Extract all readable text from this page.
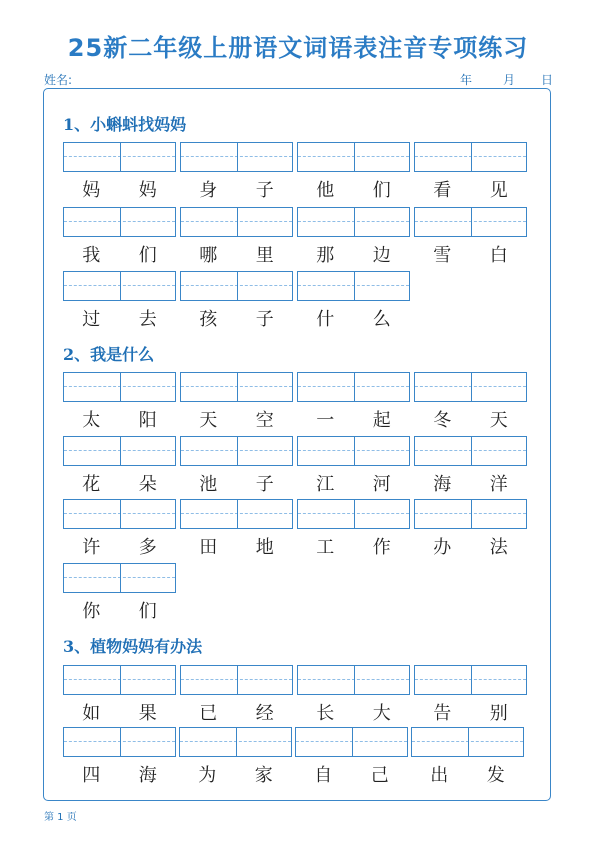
25新二年级上册语文词语表注音专项练习
姓名:	年	月 日
1、小蝌蚪找妈妈
妈	妈	身	子	他	们	看	见
我	们	哪	里	那	边	雪	白
过	去	孩	子	什	么
2、我是什么
太	阳	天	空	一	起	冬	天
花	朵	池	子	江	河	海	洋
许	多	田	地	工	作	办	法
你	们
3、植物妈妈有办法
如	果	已	经	长	大	告	别
四	海	为	家	自	己	出	发
第 1 页
